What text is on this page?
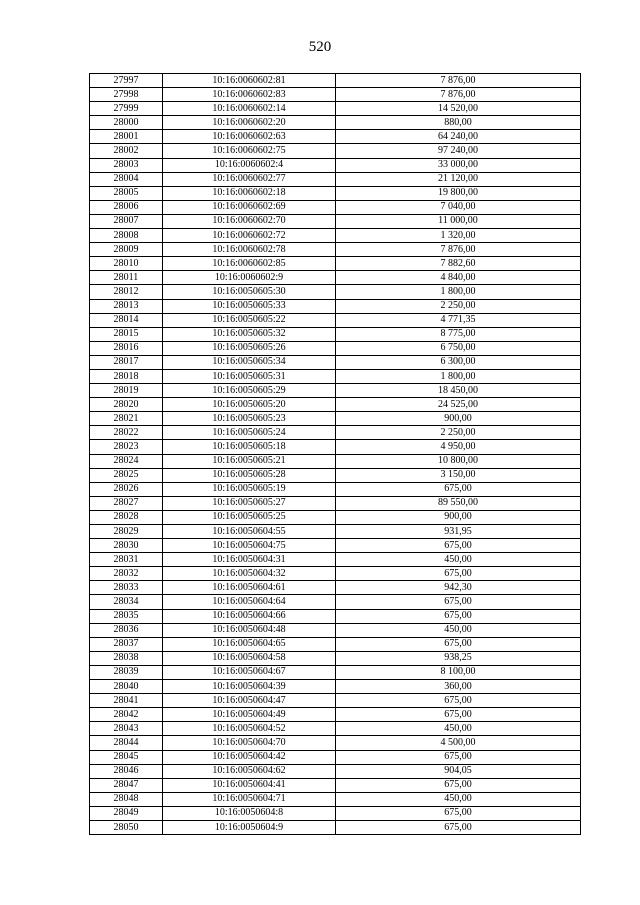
520
27997	10:16:0060602:81	7 876,00
27998	10:16:0060602:83	7 876,00
27999	10:16:0060602:14	14 520,00
28000	10:16:0060602:20	880,00
28001	10:16:0060602:63	64 240,00
28002	10:16:0060602:75	97 240,00
28003	10:16:0060602:4	33 000,00
28004	10:16:0060602:77	21 120,00
28005	10:16:0060602:18	19 800,00
28006	10:16:0060602:69	7 040,00
28007	10:16:0060602:70	11 000,00
28008	10:16:0060602:72	1 320,00
28009	10:16:0060602:78	7 876,00
28010	10:16:0060602:85	7 882,60
28011	10:16:0060602:9	4 840,00
28012	10:16:0050605:30	1 800,00
28013	10:16:0050605:33	2 250,00
28014	10:16:0050605:22	4 771,35
28015	10:16:0050605:32	8 775,00
28016	10:16:0050605:26	6 750,00
28017	10:16:0050605:34	6 300,00
28018	10:16:0050605:31	1 800,00
28019	10:16:0050605:29	18 450,00
28020	10:16:0050605:20	24 525,00
28021	10:16:0050605:23	900,00
28022	10:16:0050605:24	2 250,00
28023	10:16:0050605:18	4 950,00
28024	10:16:0050605:21	10 800,00
28025	10:16:0050605:28	3 150,00
28026	10:16:0050605:19	675,00
28027	10:16:0050605:27	89 550,00
28028	10:16:0050605:25	900,00
28029	10:16:0050604:55	931,95
28030	10:16:0050604:75	675,00
28031	10:16:0050604:31	450,00
28032	10:16:0050604:32	675,00
28033	10:16:0050604:61	942,30
28034	10:16:0050604:64	675,00
28035	10:16:0050604:66	675,00
28036	10:16:0050604:48	450,00
28037	10:16:0050604:65	675,00
28038	10:16:0050604:58	938,25
28039	10:16:0050604:67	8 100,00
28040	10:16:0050604:39	360,00
28041	10:16:0050604:47	675,00
28042	10:16:0050604:49	675,00
28043	10:16:0050604:52	450,00
28044	10:16:0050604:70	4 500,00
28045	10:16:0050604:42	675,00
28046	10:16:0050604:62	904,05
28047	10:16:0050604:41	675,00
28048	10:16:0050604:71	450,00
28049	10:16:0050604:8	675,00
28050	10:16:0050604:9	675,00
